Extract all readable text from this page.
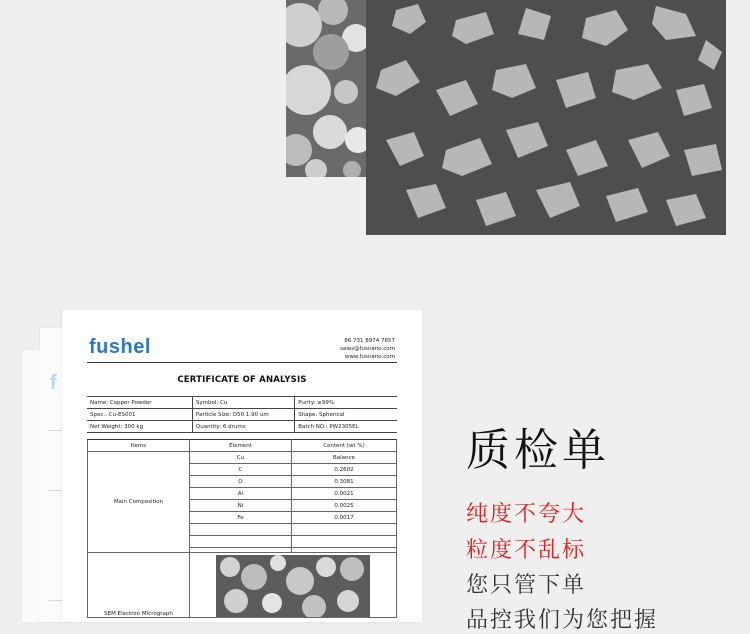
f
fushel	86 731 8974 7657
sales@fusnano.com
www.fusnano.com
CERTIFICATE OF ANALYSIS
Name: Copper Powder	Symbol: Cu	Purity: ≥99%
Spec.: Cu-ES001	Particle Size: D50 1.90 um	Shape: Spherical
Net Weight: 300 kg	Quantity: 6 drums	Batch NO.: PW2305EL
Items	Element	Content (wt %)
Main Composition	Cu	Balance
	C	0.2602
	O	0.3081
	Al	0.0021
	Ni	0.0025
	Fe	0.0017

SEM Electron Micrograph	
质检单
纯度不夸大
粒度不乱标
您只管下单
品控我们为您把握
